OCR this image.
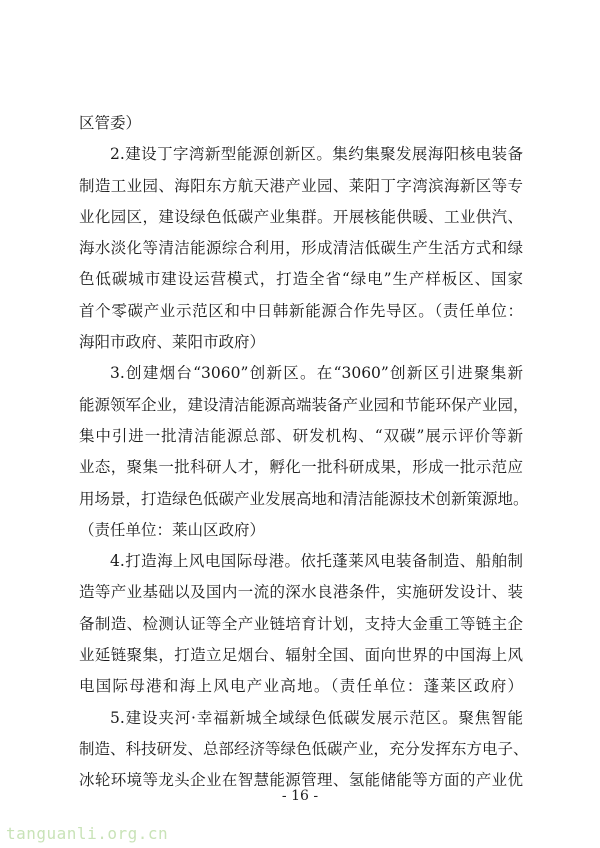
区管委）
2.建设丁字湾新型能源创新区。集约集聚发展海阳核电装备
制造工业园、海阳东方航天港产业园、莱阳丁字湾滨海新区等专
业化园区，建设绿色低碳产业集群。开展核能供暖、工业供汽、
海水淡化等清洁能源综合利用，形成清洁低碳生产生活方式和绿
色低碳城市建设运营模式，打造全省“绿电”生产样板区、国家
首个零碳产业示范区和中日韩新能源合作先导区。（责任单位：
海阳市政府、莱阳市政府）
3.创建烟台“3060”创新区。在“3060”创新区引进聚集新
能源领军企业，建设清洁能源高端装备产业园和节能环保产业园，
集中引进一批清洁能源总部、研发机构、“双碳”展示评价等新
业态，聚集一批科研人才，孵化一批科研成果，形成一批示范应
用场景，打造绿色低碳产业发展高地和清洁能源技术创新策源地。
（责任单位：莱山区政府）
4.打造海上风电国际母港。依托蓬莱风电装备制造、船舶制
造等产业基础以及国内一流的深水良港条件，实施研发设计、装
备制造、检测认证等全产业链培育计划，支持大金重工等链主企
业延链聚集，打造立足烟台、辐射全国、面向世界的中国海上风
电国际母港和海上风电产业高地。（责任单位：蓬莱区政府）
5.建设夹河·幸福新城全域绿色低碳发展示范区。聚焦智能
制造、科技研发、总部经济等绿色低碳产业，充分发挥东方电子、
冰轮环境等龙头企业在智慧能源管理、氢能储能等方面的产业优
- 16 -
tanguanli.org.cn
